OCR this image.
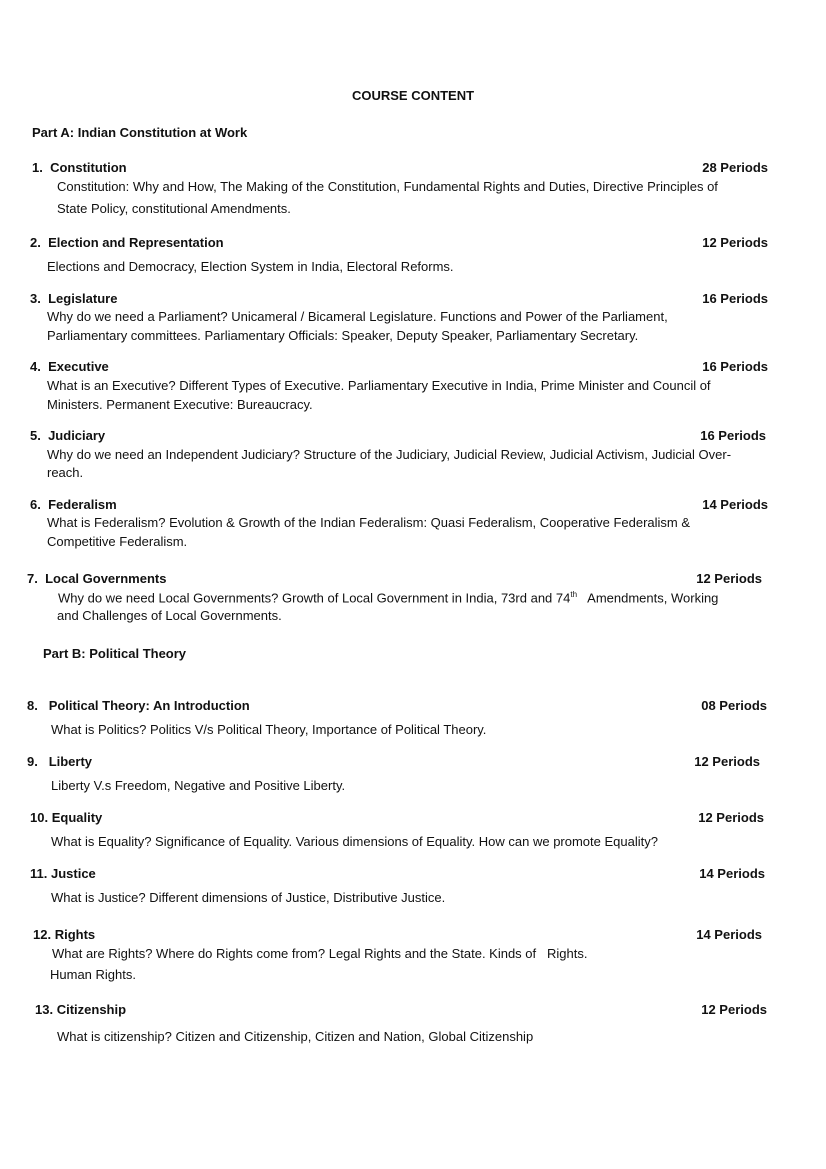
COURSE CONTENT
Part A: Indian Constitution at Work
1. Constitution	28 Periods
Constitution: Why and How, The Making of the Constitution, Fundamental Rights and Duties, Directive Principles of
State Policy, constitutional Amendments.
2. Election and Representation	12 Periods
Elections and Democracy, Election System in India, Electoral Reforms.
3. Legislature	16 Periods
Why do we need a Parliament? Unicameral / Bicameral Legislature. Functions and Power of the Parliament,
Parliamentary committees. Parliamentary Officials: Speaker, Deputy Speaker, Parliamentary Secretary.
4. Executive	16 Periods
What is an Executive? Different Types of Executive. Parliamentary Executive in India, Prime Minister and Council of
Ministers. Permanent Executive: Bureaucracy.
5. Judiciary	16 Periods
Why do we need an Independent Judiciary? Structure of the Judiciary, Judicial Review, Judicial Activism, Judicial Over-
reach.
6. Federalism	14 Periods
What is Federalism? Evolution & Growth of the Indian Federalism: Quasi Federalism, Cooperative Federalism &
Competitive Federalism.
7. Local Governments	12 Periods
Why do we need Local Governments? Growth of Local Government in India, 73rd and 74th Amendments, Working
and Challenges of Local Governments.
Part B: Political Theory
8. Political Theory: An Introduction	08 Periods
What is Politics? Politics V/s Political Theory, Importance of Political Theory.
9. Liberty	12 Periods
Liberty V.s Freedom, Negative and Positive Liberty.
10. Equality	12 Periods
What is Equality? Significance of Equality. Various dimensions of Equality. How can we promote Equality?
11. Justice	14 Periods
What is Justice? Different dimensions of Justice, Distributive Justice.
12. Rights	14 Periods
What are Rights? Where do Rights come from? Legal Rights and the State. Kinds of   Rights.
Human Rights.
13. Citizenship	12 Periods
What is citizenship? Citizen and Citizenship, Citizen and Nation, Global Citizenship
